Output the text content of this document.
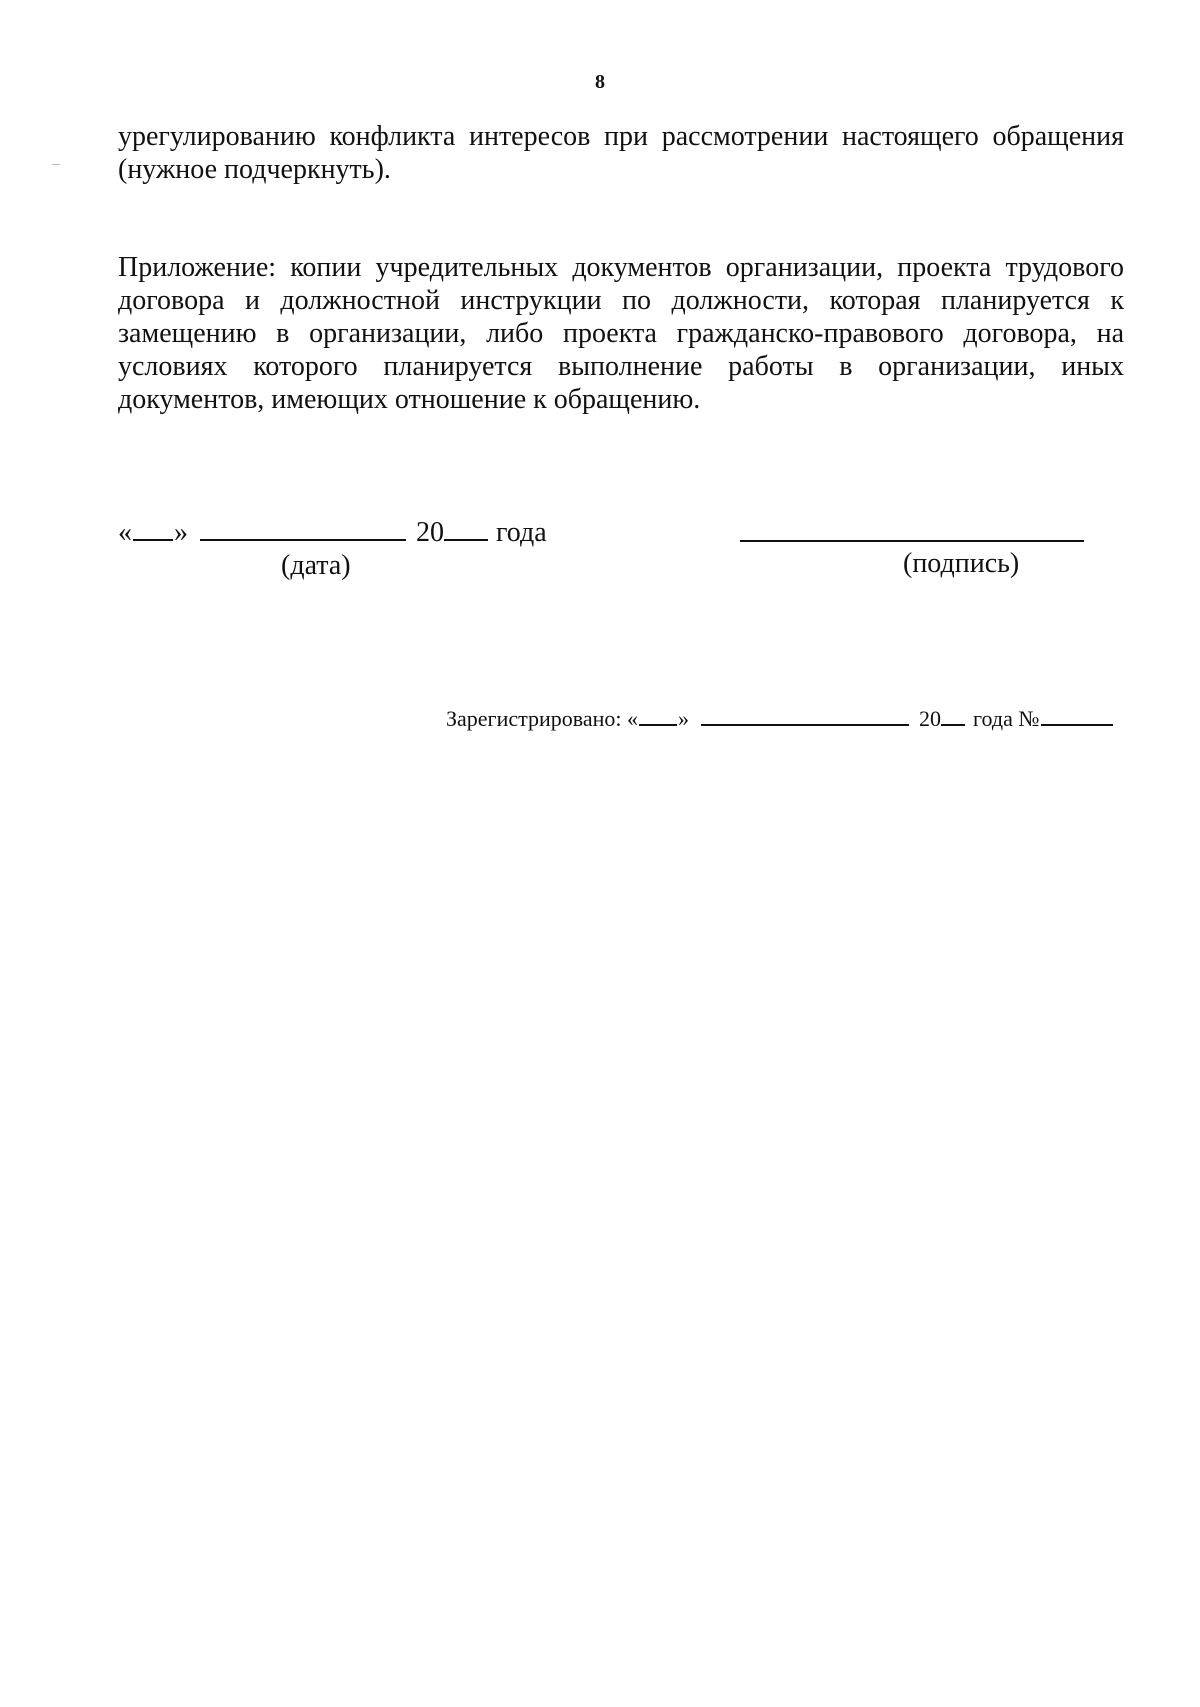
8

урегулированию конфликта интересов при рассмотрении настоящего обращения (нужное подчеркнуть).

Приложение: копии учредительных документов организации, проекта трудового договора и должностной инструкции по должности, которая планируется к замещению в организации, либо проекта гражданско-правового договора, на условиях которого планируется выполнение работы в организации, иных документов, имеющих отношение к обращению.

« »	20 года
(дата)	(подпись)
Зарегистрировано: « »	20 года №
